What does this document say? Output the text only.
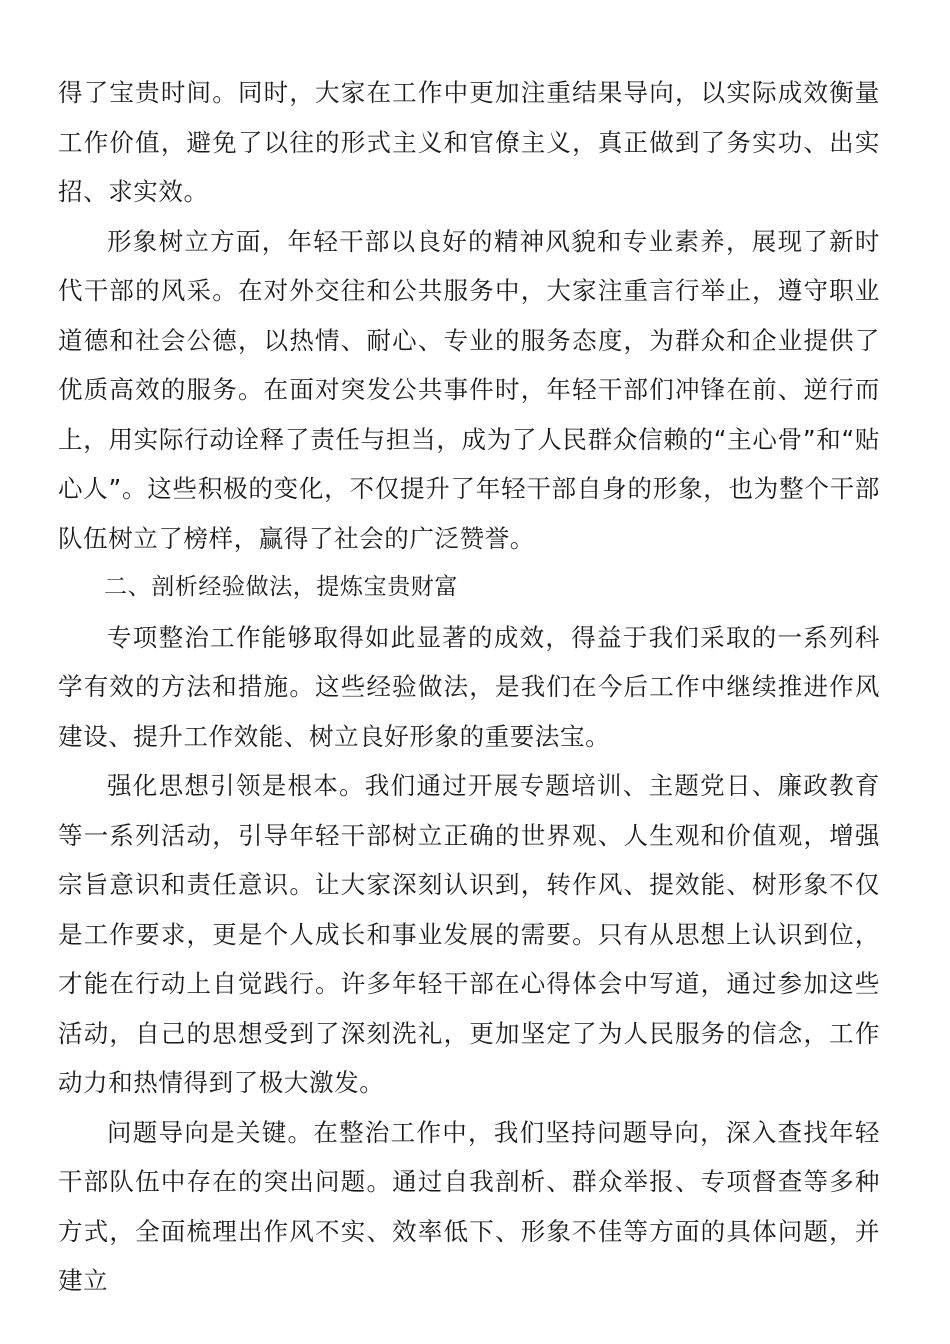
得了宝贵时间。同时，大家在工作中更加注重结果导向，以实际成效衡量工作价值，避免了以往的形式主义和官僚主义，真正做到了务实功、出实招、求实效。

形象树立方面，年轻干部以良好的精神风貌和专业素养，展现了新时代干部的风采。在对外交往和公共服务中，大家注重言行举止，遵守职业道德和社会公德，以热情、耐心、专业的服务态度，为群众和企业提供了优质高效的服务。在面对突发公共事件时，年轻干部们冲锋在前、逆行而上，用实际行动诠释了责任与担当，成为了人民群众信赖的“主心骨”和“贴心人”。这些积极的变化，不仅提升了年轻干部自身的形象，也为整个干部队伍树立了榜样，赢得了社会的广泛赞誉。

二、剖析经验做法，提炼宝贵财富

专项整治工作能够取得如此显著的成效，得益于我们采取的一系列科学有效的方法和措施。这些经验做法，是我们在今后工作中继续推进作风建设、提升工作效能、树立良好形象的重要法宝。

强化思想引领是根本。我们通过开展专题培训、主题党日、廉政教育等一系列活动，引导年轻干部树立正确的世界观、人生观和价值观，增强宗旨意识和责任意识。让大家深刻认识到，转作风、提效能、树形象不仅是工作要求，更是个人成长和事业发展的需要。只有从思想上认识到位，才能在行动上自觉践行。许多年轻干部在心得体会中写道，通过参加这些活动，自己的思想受到了深刻洗礼，更加坚定了为人民服务的信念，工作动力和热情得到了极大激发。

问题导向是关键。在整治工作中，我们坚持问题导向，深入查找年轻干部队伍中存在的突出问题。通过自我剖析、群众举报、专项督查等多种方式，全面梳理出作风不实、效率低下、形象不佳等方面的具体问题，并建立
